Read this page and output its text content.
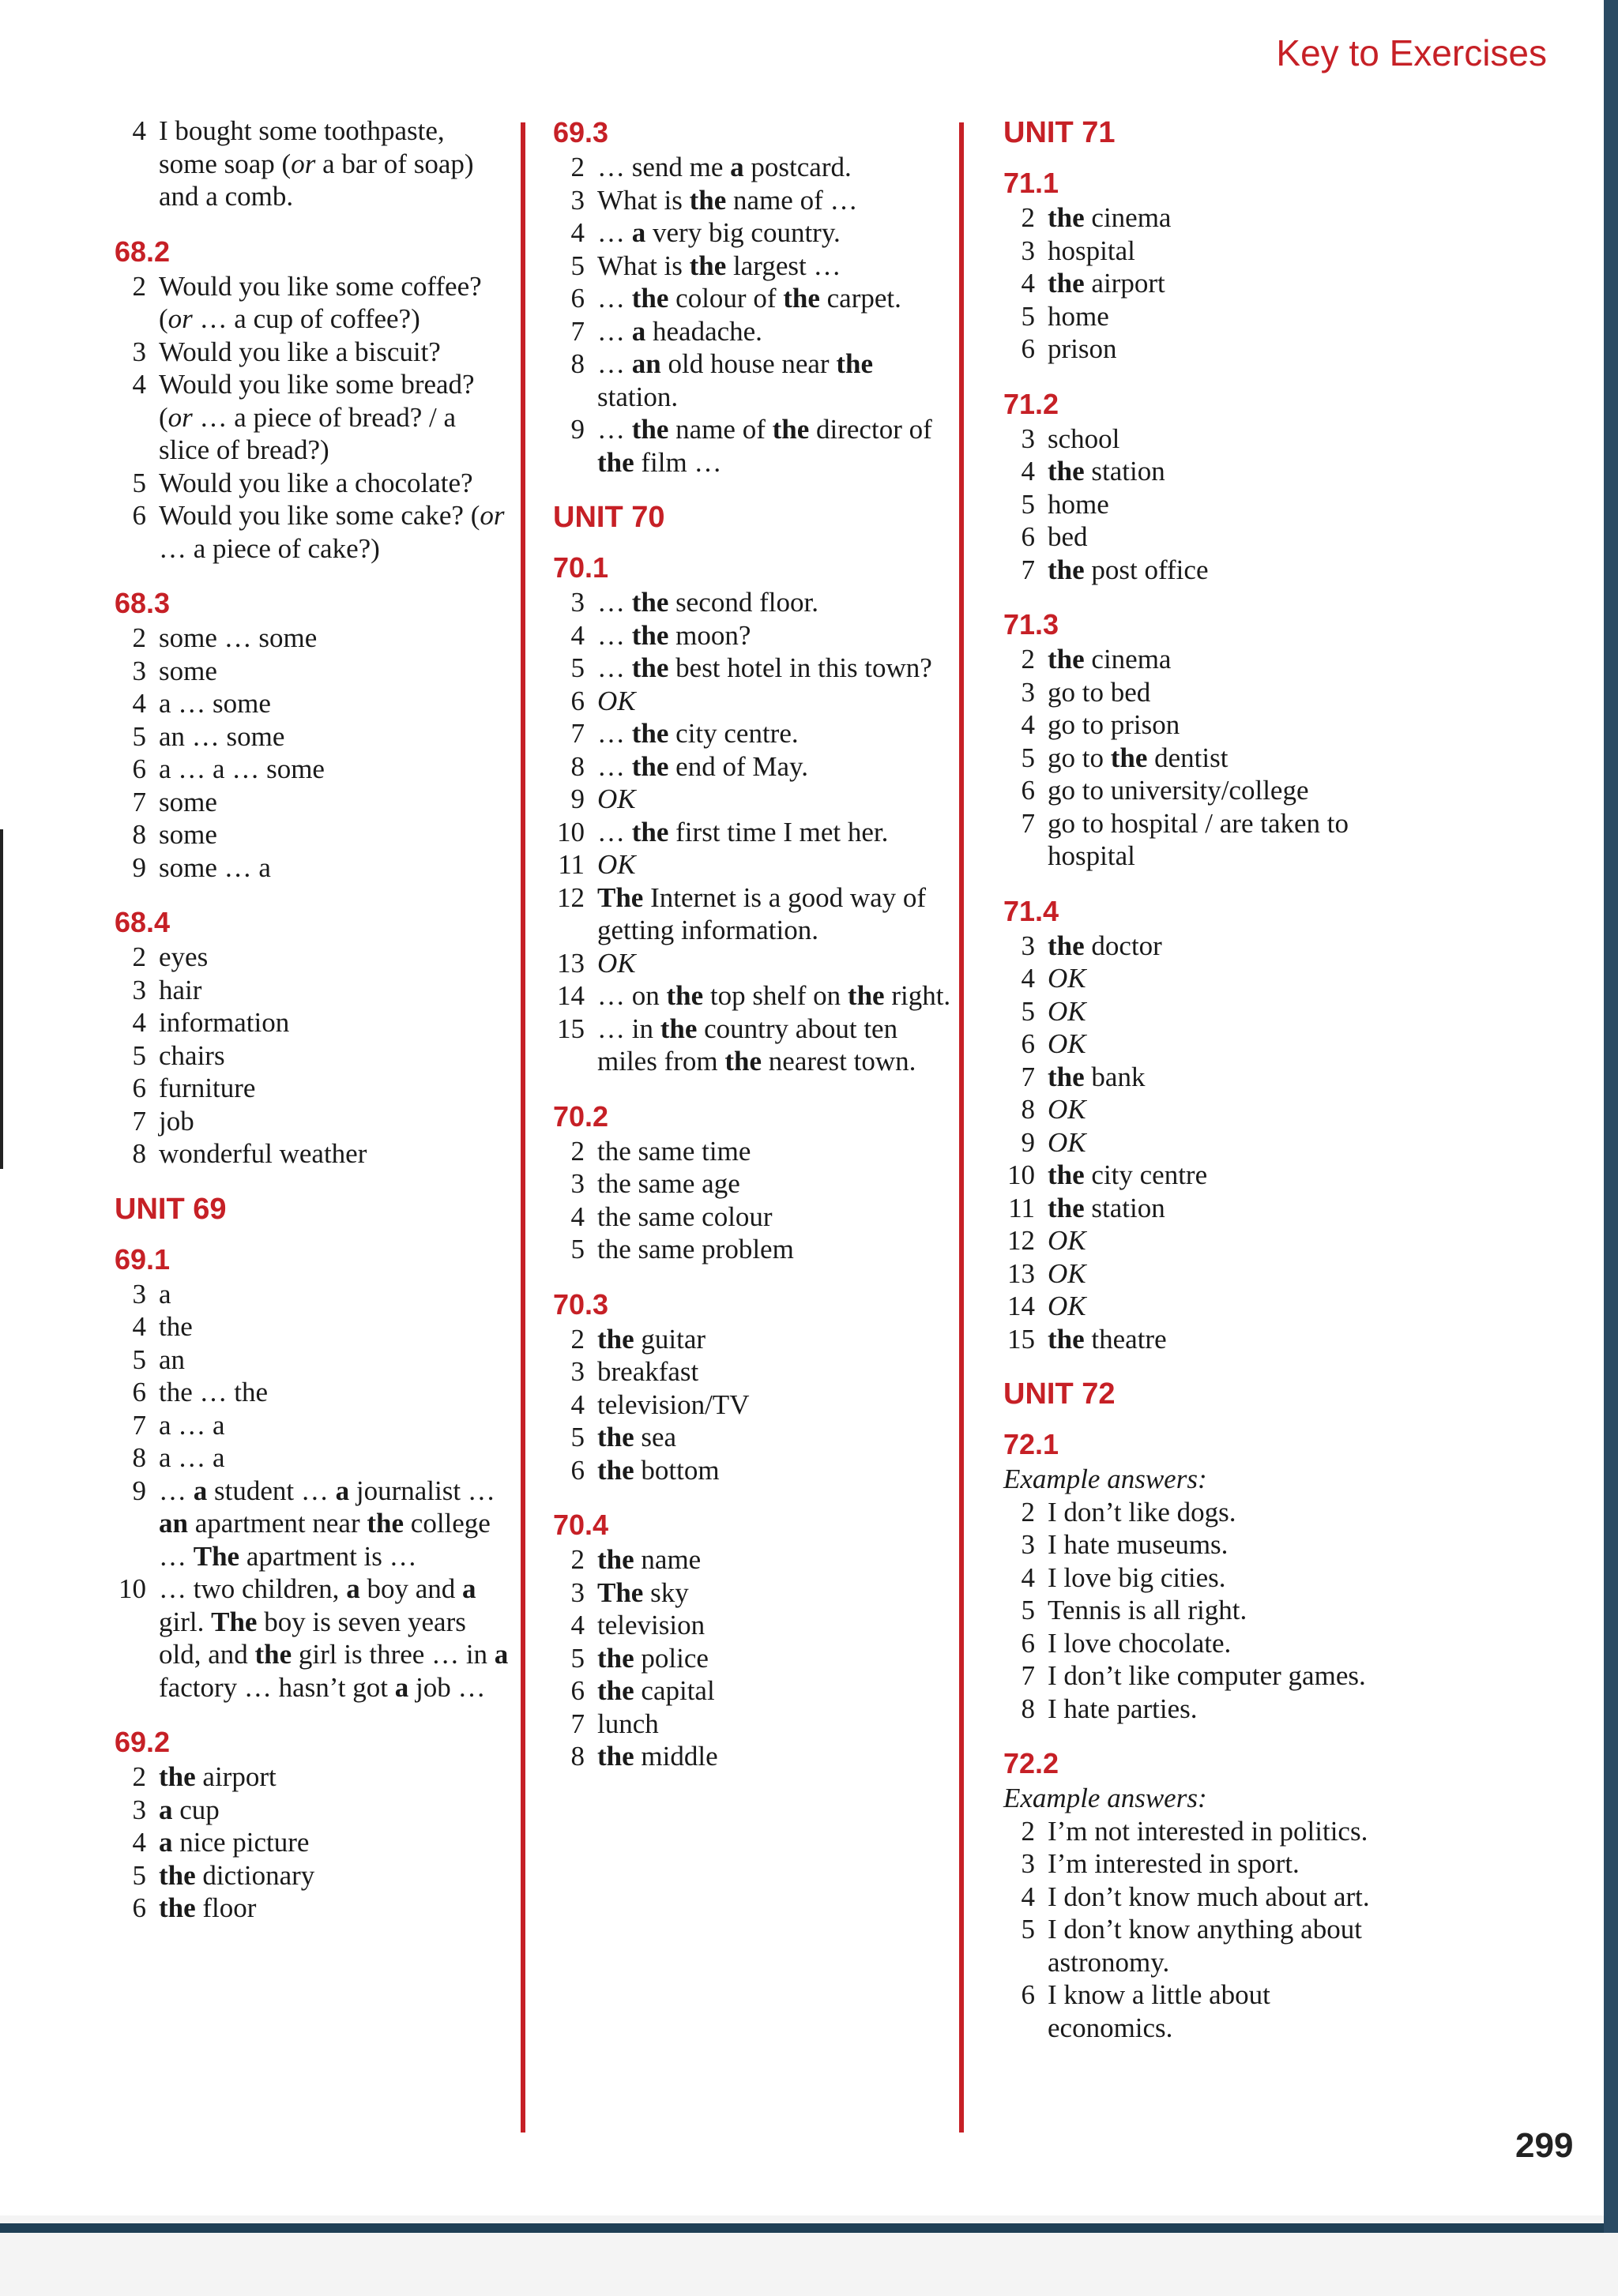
Key to Exercises
4 I bought some toothpaste, some soap (or a bar of soap) and a comb.
68.2
2 Would you like some coffee? (or … a cup of coffee?)
3 Would you like a biscuit?
4 Would you like some bread? (or … a piece of bread? / a slice of bread?)
5 Would you like a chocolate?
6 Would you like some cake? (or … a piece of cake?)
68.3
2 some … some
3 some
4 a … some
5 an … some
6 a … a … some
7 some
8 some
9 some … a
68.4
2 eyes
3 hair
4 information
5 chairs
6 furniture
7 job
8 wonderful weather
UNIT 69
69.1
3 a
4 the
5 an
6 the … the
7 a … a
8 a … a
9 … a student … a journalist … an apartment near the college … The apartment is …
10 … two children, a boy and a girl. The boy is seven years old, and the girl is three … in a factory … hasn’t got a job …
69.2
2 the airport
3 a cup
4 a nice picture
5 the dictionary
6 the floor
69.3
2 … send me a postcard.
3 What is the name of …
4 … a very big country.
5 What is the largest …
6 … the colour of the carpet.
7 … a headache.
8 … an old house near the station.
9 … the name of the director of the film …
UNIT 70
70.1
3 … the second floor.
4 … the moon?
5 … the best hotel in this town?
6 OK
7 … the city centre.
8 … the end of May.
9 OK
10 … the first time I met her.
11 OK
12 The Internet is a good way of getting information.
13 OK
14 … on the top shelf on the right.
15 … in the country about ten miles from the nearest town.
70.2
2 the same time
3 the same age
4 the same colour
5 the same problem
70.3
2 the guitar
3 breakfast
4 television/TV
5 the sea
6 the bottom
70.4
2 the name
3 The sky
4 television
5 the police
6 the capital
7 lunch
8 the middle
UNIT 71
71.1
2 the cinema
3 hospital
4 the airport
5 home
6 prison
71.2
3 school
4 the station
5 home
6 bed
7 the post office
71.3
2 the cinema
3 go to bed
4 go to prison
5 go to the dentist
6 go to university/college
7 go to hospital / are taken to hospital
71.4
3 the doctor
4 OK
5 OK
6 OK
7 the bank
8 OK
9 OK
10 the city centre
11 the station
12 OK
13 OK
14 OK
15 the theatre
UNIT 72
72.1
Example answers:
2 I don’t like dogs.
3 I hate museums.
4 I love big cities.
5 Tennis is all right.
6 I love chocolate.
7 I don’t like computer games.
8 I hate parties.
72.2
Example answers:
2 I’m not interested in politics.
3 I’m interested in sport.
4 I don’t know much about art.
5 I don’t know anything about astronomy.
6 I know a little about economics.
299
